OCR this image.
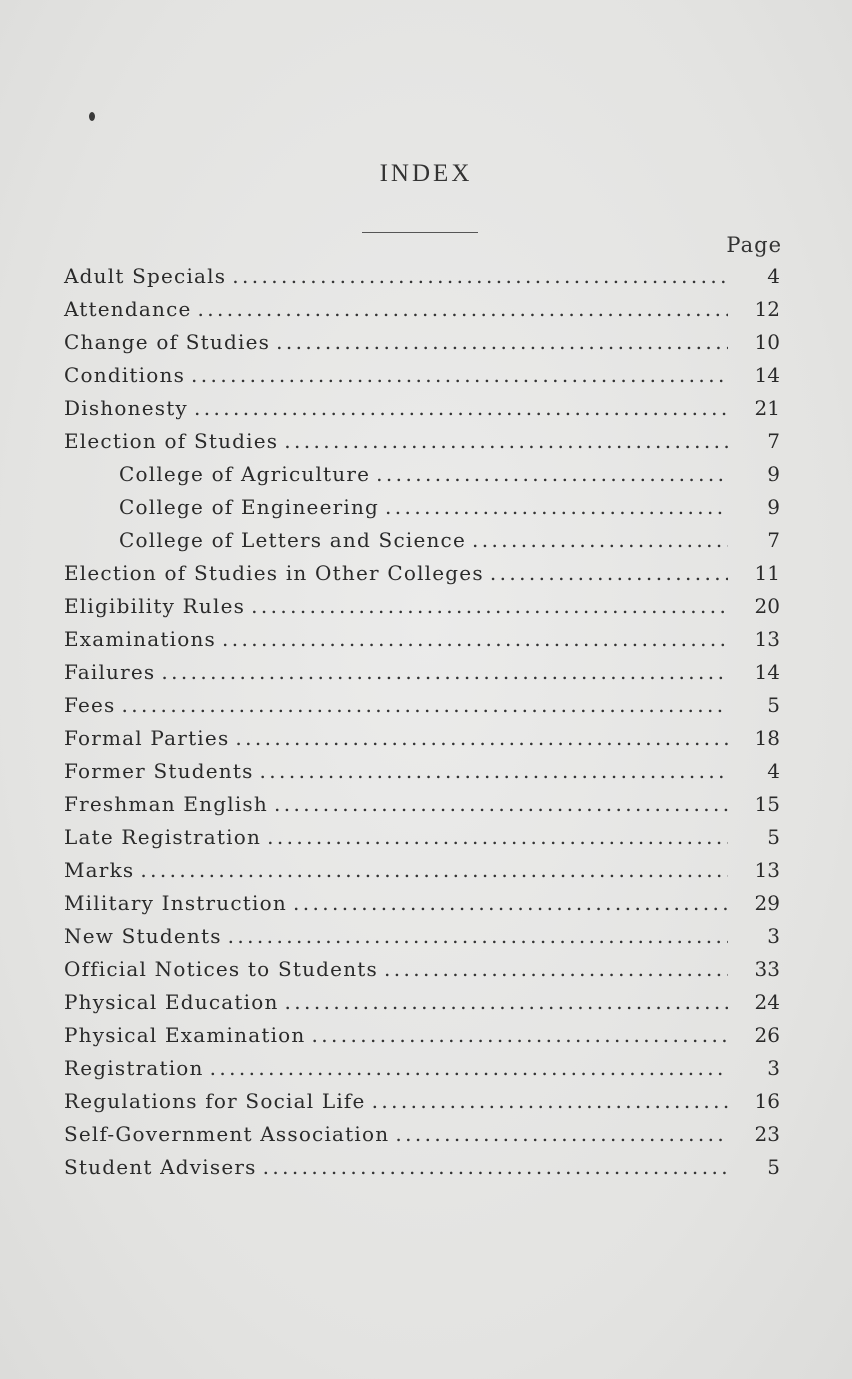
INDEX
Page
Adult Specials .....	4
Attendance .....	12
Change of Studies .....	10
Conditions .....	14
Dishonesty .....	21
Election of Studies .....	7
College of Agriculture .....	9
College of Engineering .....	9
College of Letters and Science .....	7
Election of Studies in Other Colleges .....	11
Eligibility Rules .....	20
Examinations .....	13
Failures .....	14
Fees .....	5
Formal Parties .....	18
Former Students .....	4
Freshman English .....	15
Late Registration .....	5
Marks .....	13
Military Instruction .....	29
New Students .....	3
Official Notices to Students .....	33
Physical Education .....	24
Physical Examination .....	26
Registration .....	3
Regulations for Social Life .....	16
Self-Government Association .....	23
Student Advisers .....	5
